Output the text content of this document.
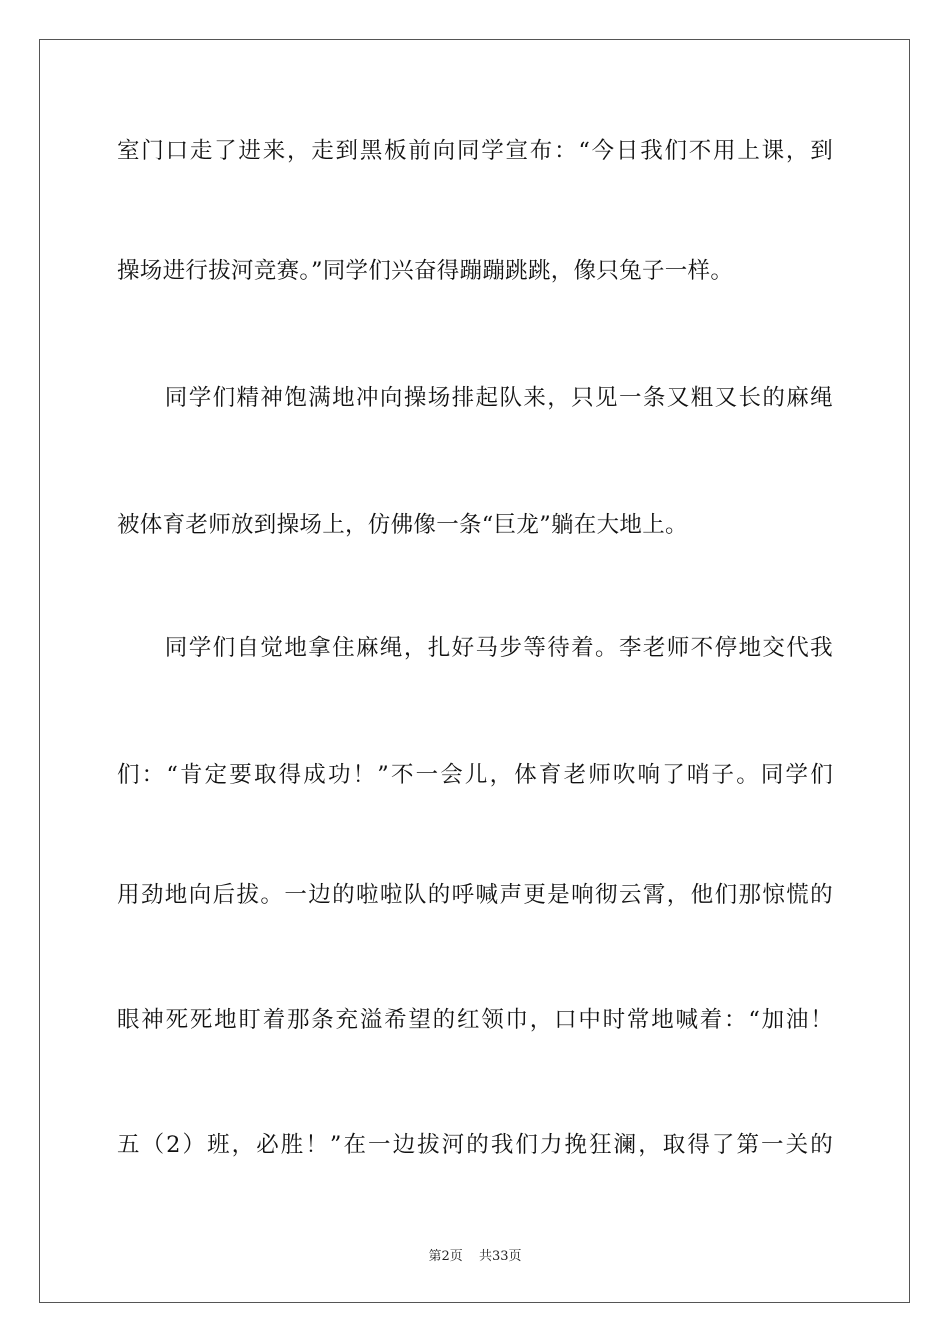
室门口走了进来，走到黑板前向同学宣布：“今日我们不用上课，到
操场进行拔河竞赛。”同学们兴奋得蹦蹦跳跳，像只兔子一样。
　　同学们精神饱满地冲向操场排起队来，只见一条又粗又长的麻绳
被体育老师放到操场上，仿佛像一条“巨龙”躺在大地上。
　　同学们自觉地拿住麻绳，扎好马步等待着。李老师不停地交代我
们：“肯定要取得成功！”不一会儿，体育老师吹响了哨子。同学们
用劲地向后拔。一边的啦啦队的呼喊声更是响彻云霄，他们那惊慌的
眼神死死地盯着那条充溢希望的红领巾，口中时常地喊着：“加油！
五（2）班，必胜！”在一边拔河的我们力挽狂澜，取得了第一关的
第2页 共33页
